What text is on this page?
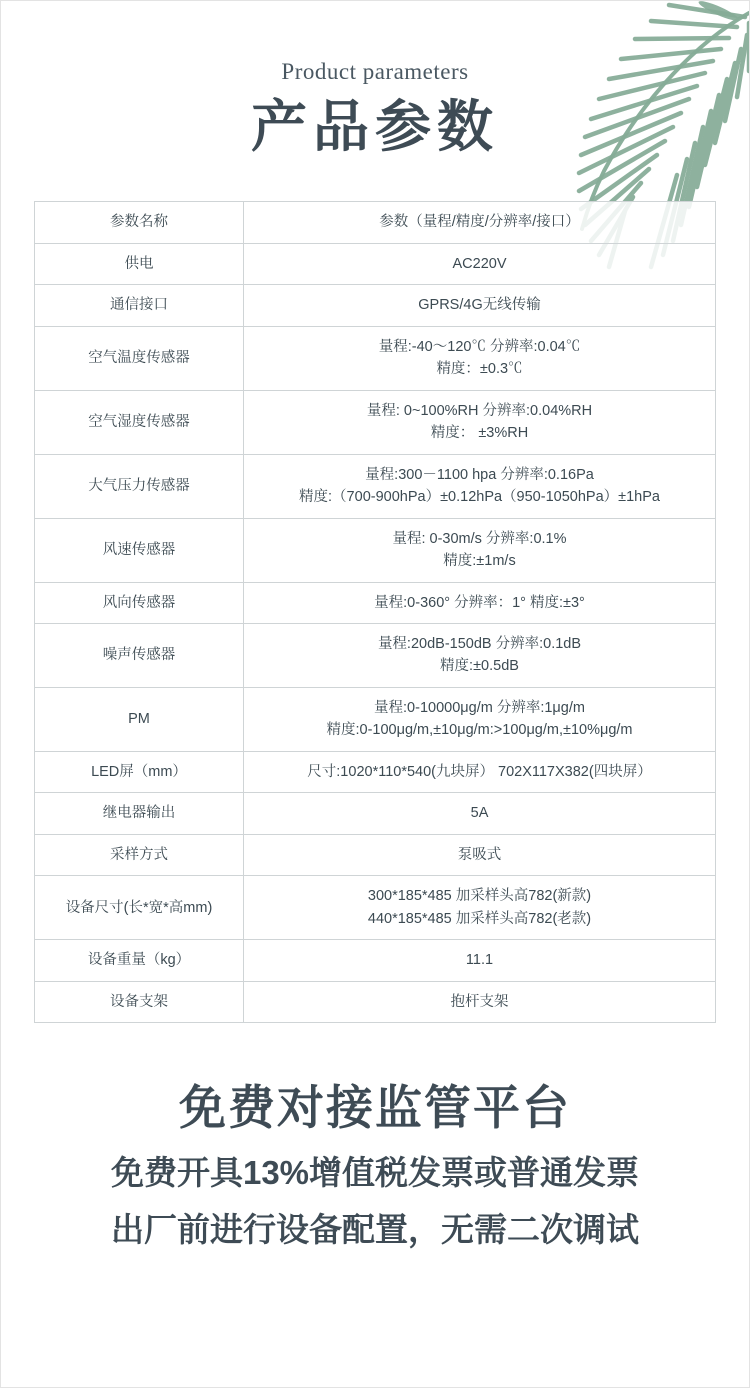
Product parameters

产品参数
参数名称	参数（量程/精度/分辨率/接口）
供电	AC220V

通信接口	GPRS/4G无线传输

空气温度传感器	量程:-40～120℃ 分辨率:0.04℃
精度：±0.3℃

空气湿度传感器	量程: 0~100%RH 分辨率:0.04%RH
精度： ±3%RH

大气压力传感器	量程:300－1100 hpa 分辨率:0.16Pa
精度:（700-900hPa）±0.12hPa（950-1050hPa）±1hPa

风速传感器	量程: 0-30m/s 分辨率:0.1%
精度:±1m/s

风向传感器	量程:0-360° 分辨率：1° 精度:±3°

噪声传感器	量程:20dB-150dB 分辨率:0.1dB
精度:±0.5dB

PM	量程:0-10000μg/m 分辨率:1μg/m
精度:0-100μg/m,±10μg/m:>100μg/m,±10%μg/m

LED屏（mm）	尺寸:1020*110*540(九块屏） 702X117X382(四块屏）

继电器输出	5A

采样方式	泵吸式

设备尺寸(长*宽*高mm)	300*185*485 加采样头高782(新款)
440*185*485 加采样头高782(老款)

设备重量（kg）	11.1

设备支架	抱杆支架

免费对接监管平台

免费开具13%增值税发票或普通发票

出厂前进行设备配置，无需二次调试
